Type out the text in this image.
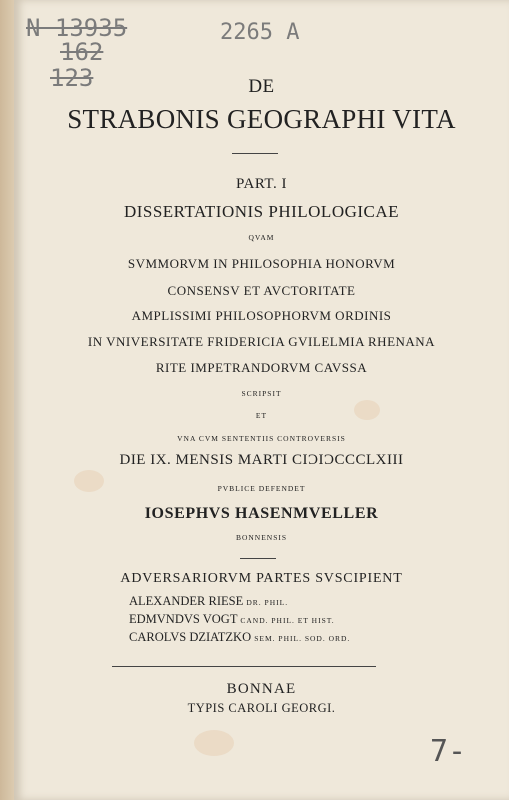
N 13935
162
123
2265 A
7-
DE
STRABONIS GEOGRAPHI VITA
PART. I
DISSERTATIONIS PHILOLOGICAE
QVAM
SVMMORVM IN PHILOSOPHIA HONORVM
CONSENSV ET AVCTORITATE
AMPLISSIMI PHILOSOPHORVM ORDINIS
IN VNIVERSITATE FRIDERICIA GVILELMIA RHENANA
RITE IMPETRANDORVM CAVSSA
SCRIPSIT
ET
VNA CVM SENTENTIIS CONTROVERSIS
DIE IX. MENSIS MARTI CIƆIƆCCCLXIII
PVBLICE DEFENDET
IOSEPHVS HASENMVELLER
BONNENSIS
ADVERSARIORVM PARTES SVSCIPIENT
ALEXANDER RIESE DR. PHIL.
EDMVNDVS VOGT CAND. PHIL. ET HIST.
CAROLVS DZIATZKO SEM. PHIL. SOD. ORD.
BONNAE
TYPIS CAROLI GEORGI.
